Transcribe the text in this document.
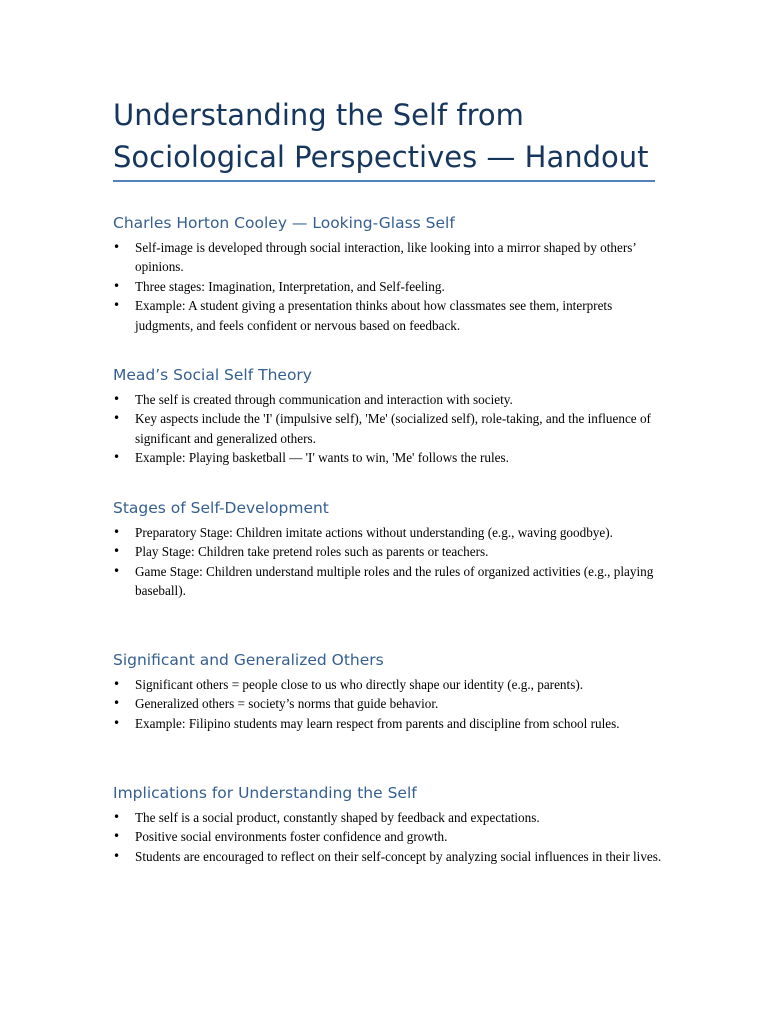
Understanding the Self from Sociological Perspectives — Handout
Charles Horton Cooley — Looking-Glass Self
• Self-image is developed through social interaction, like looking into a mirror shaped by others’ opinions.
• Three stages: Imagination, Interpretation, and Self-feeling.
• Example: A student giving a presentation thinks about how classmates see them, interprets judgments, and feels confident or nervous based on feedback.
Mead’s Social Self Theory
• The self is created through communication and interaction with society.
• Key aspects include the 'I' (impulsive self), 'Me' (socialized self), role-taking, and the influence of significant and generalized others.
• Example: Playing basketball — 'I' wants to win, 'Me' follows the rules.
Stages of Self-Development
• Preparatory Stage: Children imitate actions without understanding (e.g., waving goodbye).
• Play Stage: Children take pretend roles such as parents or teachers.
• Game Stage: Children understand multiple roles and the rules of organized activities (e.g., playing baseball).
Significant and Generalized Others
• Significant others = people close to us who directly shape our identity (e.g., parents).
• Generalized others = society’s norms that guide behavior.
• Example: Filipino students may learn respect from parents and discipline from school rules.
Implications for Understanding the Self
• The self is a social product, constantly shaped by feedback and expectations.
• Positive social environments foster confidence and growth.
• Students are encouraged to reflect on their self-concept by analyzing social influences in their lives.
